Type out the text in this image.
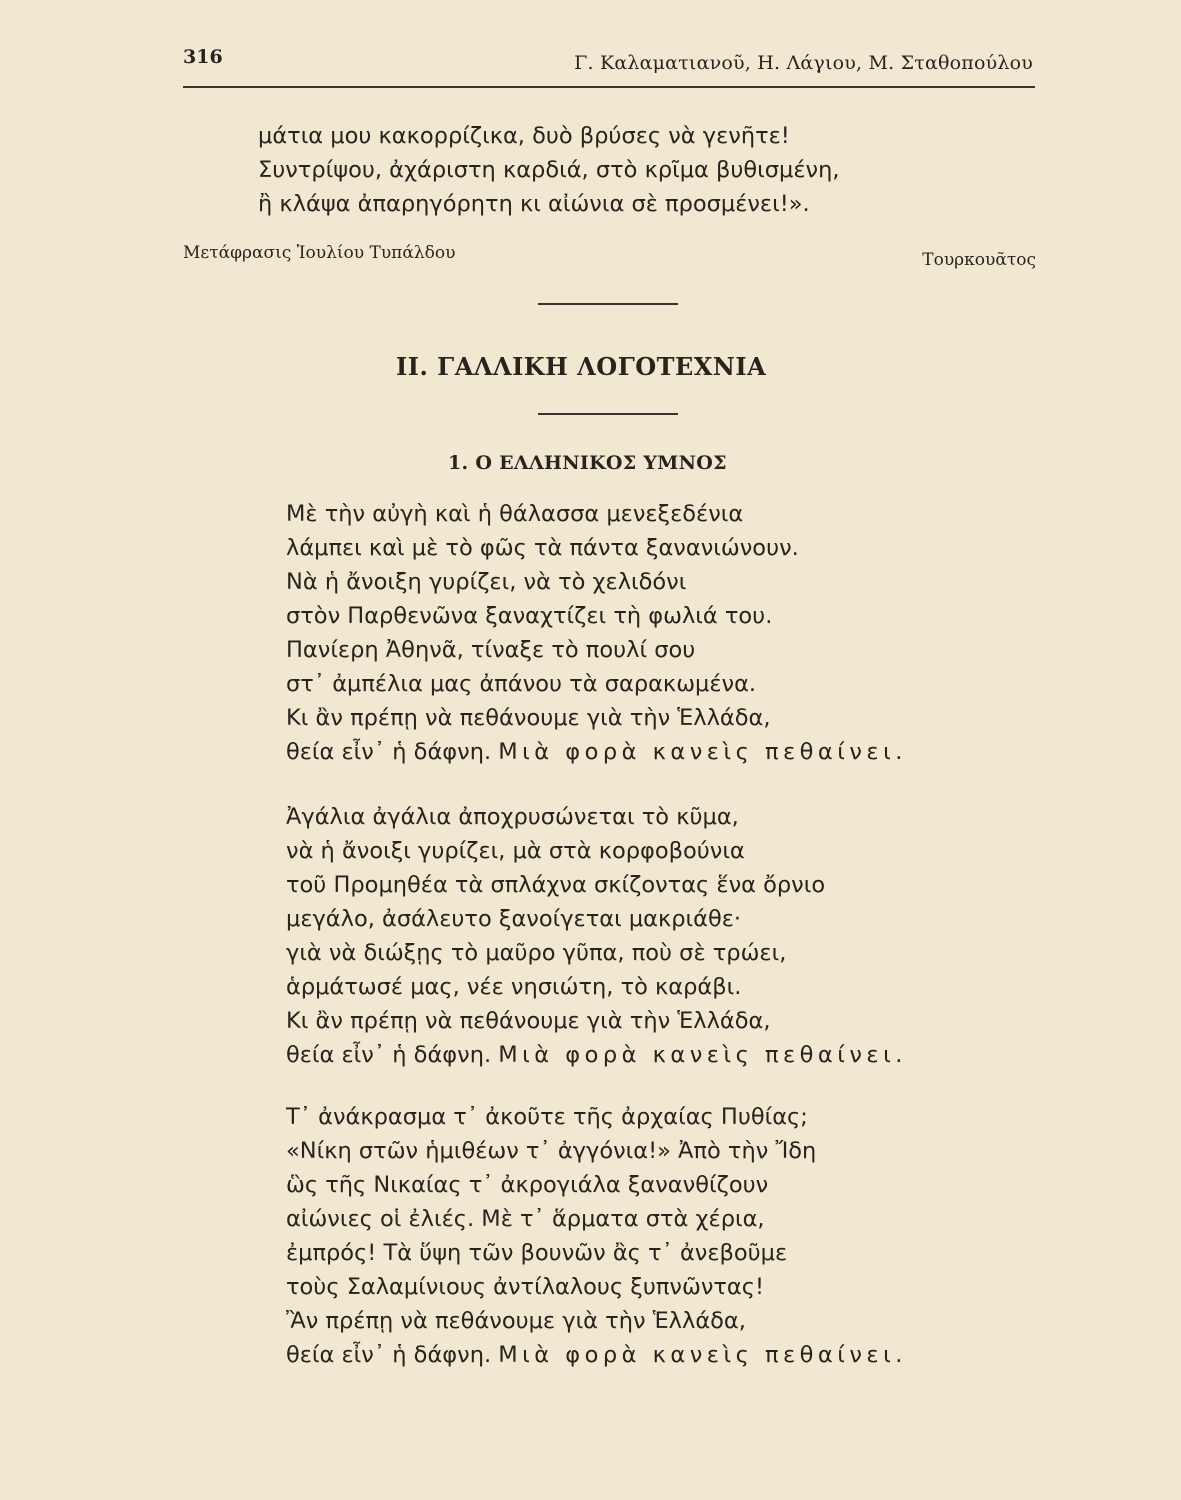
316	Γ. Καλαματιανοῦ, Η. Λάγιου, Μ. Σταθοπούλου
μάτια μου κακορρίζικα, δυὸ βρύσες νὰ γενῆτε!
Συντρίψου, ἀχάριστη καρδιά, στὸ κρῖμα βυθισμένη,
ἢ κλάψα ἀπαρηγόρητη κι αἰώνια σὲ προσμένει!».
Μετάφρασις Ἰουλίου Τυπάλδου	Τουρκουᾶτος
II. ΓΑΛΛΙΚΗ ΛΟΓΟΤΕΧΝΙΑ
1. Ο ΕΛΛΗΝΙΚΟΣ ΥΜΝΟΣ
Μὲ τὴν αὐγὴ καὶ ἡ θάλασσα μενεξεδένια
λάμπει καὶ μὲ τὸ φῶς τὰ πάντα ξανανιώνουν.
Νὰ ἡ ἄνοιξη γυρίζει, νὰ τὸ χελιδόνι
στὸν Παρθενῶνα ξαναχτίζει τὴ φωλιά του.
Πανίερη Ἀθηνᾶ, τίναξε τὸ πουλί σου
στ᾽ ἀμπέλια μας ἀπάνου τὰ σαρακωμένα.
Κι ἂν πρέπῃ νὰ πεθάνουμε γιὰ τὴν Ἑλλάδα,
θεία εἶν᾽ ἡ δάφνη. Μιὰ φορὰ κανεὶς πεθαίνει.
Ἀγάλια ἀγάλια ἀποχρυσώνεται τὸ κῦμα,
νὰ ἡ ἄνοιξι γυρίζει, μὰ στὰ κορφοβούνια
τοῦ Προμηθέα τὰ σπλάχνα σκίζοντας ἕνα ὄρνιο
μεγάλο, ἀσάλευτο ξανοίγεται μακριάθε·
γιὰ νὰ διώξῃς τὸ μαῦρο γῦπα, ποὺ σὲ τρώει,
ἁρμάτωσέ μας, νέε νησιώτη, τὸ καράβι.
Κι ἂν πρέπῃ νὰ πεθάνουμε γιὰ τὴν Ἑλλάδα,
θεία εἶν᾽ ἡ δάφνη. Μιὰ φορὰ κανεὶς πεθαίνει.
Τ᾽ ἀνάκρασμα τ᾽ ἀκοῦτε τῆς ἀρχαίας Πυθίας;
«Νίκη στῶν ἡμιθέων τ᾽ ἀγγόνια!» Ἀπὸ τὴν Ἴδη
ὣς τῆς Νικαίας τ᾽ ἀκρογιάλα ξανανθίζουν
αἰώνιες οἱ ἐλιές. Μὲ τ᾽ ἅρματα στὰ χέρια,
ἐμπρός! Τὰ ὕψη τῶν βουνῶν ἂς τ᾽ ἀνεβοῦμε
τοὺς Σαλαμίνιους ἀντίλαλους ξυπνῶντας!
Ἂν πρέπῃ νὰ πεθάνουμε γιὰ τὴν Ἑλλάδα,
θεία εἶν᾽ ἡ δάφνη. Μιὰ φορὰ κανεὶς πεθαίνει.
